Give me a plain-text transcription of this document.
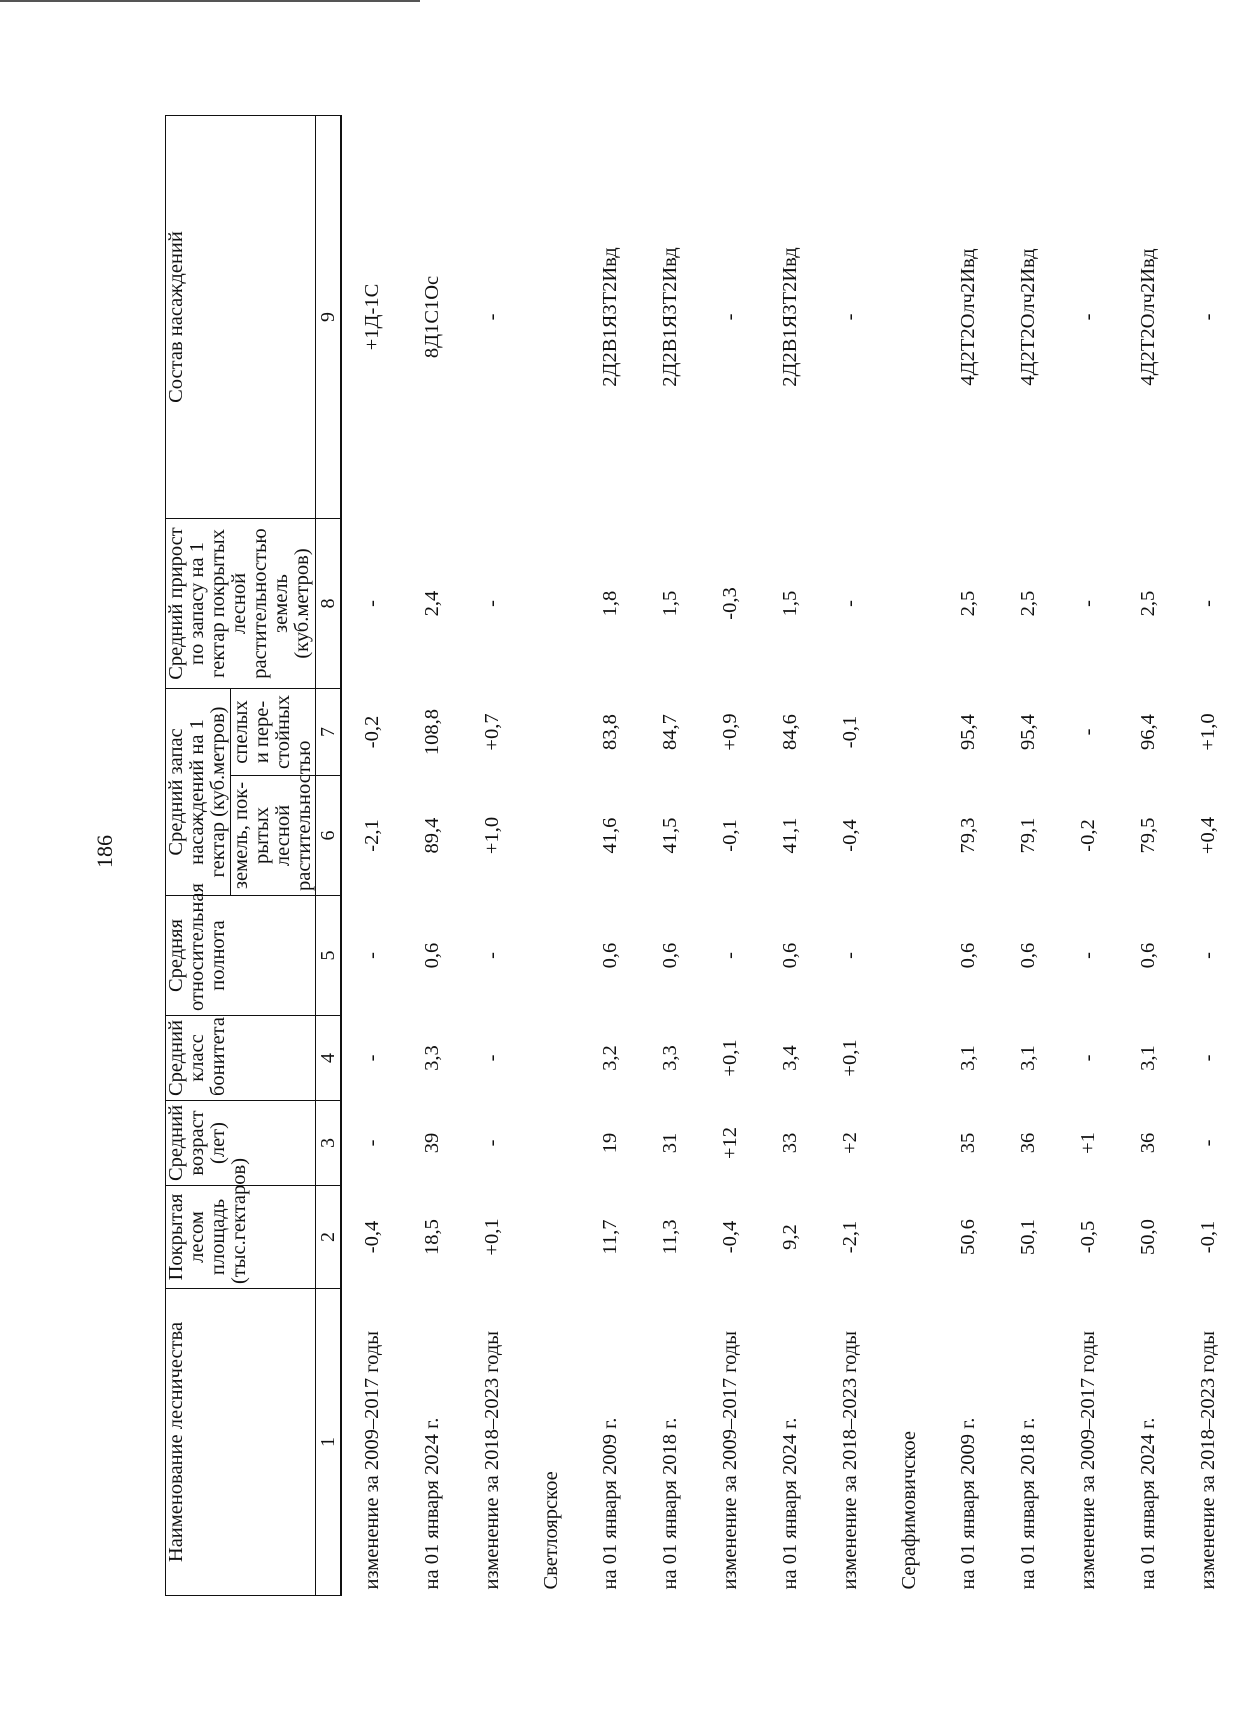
186
Наименование лесничества	Покрытая лесом площадь (тыс.гектаров)	Средний возраст (лет)	Средний класс бонитета	Средняя относительная полнота	Средний запас насаждений на 1 гектар (куб.метров)		Средний прирост по запасу на 1 гектар покрытых лесной растительностью земель (куб.метров)	Состав насаждений
					земель, пок- рытых лесной растительностью	спелых и пере- стойных		
1	2	3	4	5	6	7	8	9
изменение за 2009–2017 годы	-0,4	-	-	-	-2,1	-0,2	-	+1Д-1С
на 01 января 2024 г.	18,5	39	3,3	0,6	89,4	108,8	2,4	8Д1С1Ос
изменение за 2018–2023 годы	+0,1	-	-	-	+1,0	+0,7	-	-
Светлоярское								
на 01 января 2009 г.	11,7	19	3,2	0,6	41,6	83,8	1,8	2Д2В1Я3Т2Ивд
на 01 января 2018 г.	11,3	31	3,3	0,6	41,5	84,7	1,5	2Д2В1Я3Т2Ивд
изменение за 2009–2017 годы	-0,4	+12	+0,1	-	-0,1	+0,9	-0,3	-
на 01 января 2024 г.	9,2	33	3,4	0,6	41,1	84,6	1,5	2Д2В1Я3Т2Ивд
изменение за 2018–2023 годы	-2,1	+2	+0,1	-	-0,4	-0,1	-	-
Серафимовичское								
на 01 января 2009 г.	50,6	35	3,1	0,6	79,3	95,4	2,5	4Д2Т2Олч2Ивд
на 01 января 2018 г.	50,1	36	3,1	0,6	79,1	95,4	2,5	4Д2Т2Олч2Ивд
изменение за 2009–2017 годы	-0,5	+1	-	-	-0,2	-	-	-
на 01 января 2024 г.	50,0	36	3,1	0,6	79,5	96,4	2,5	4Д2Т2Олч2Ивд
изменение за 2018–2023 годы	-0,1	-	-	-	+0,4	+1,0	-	-
